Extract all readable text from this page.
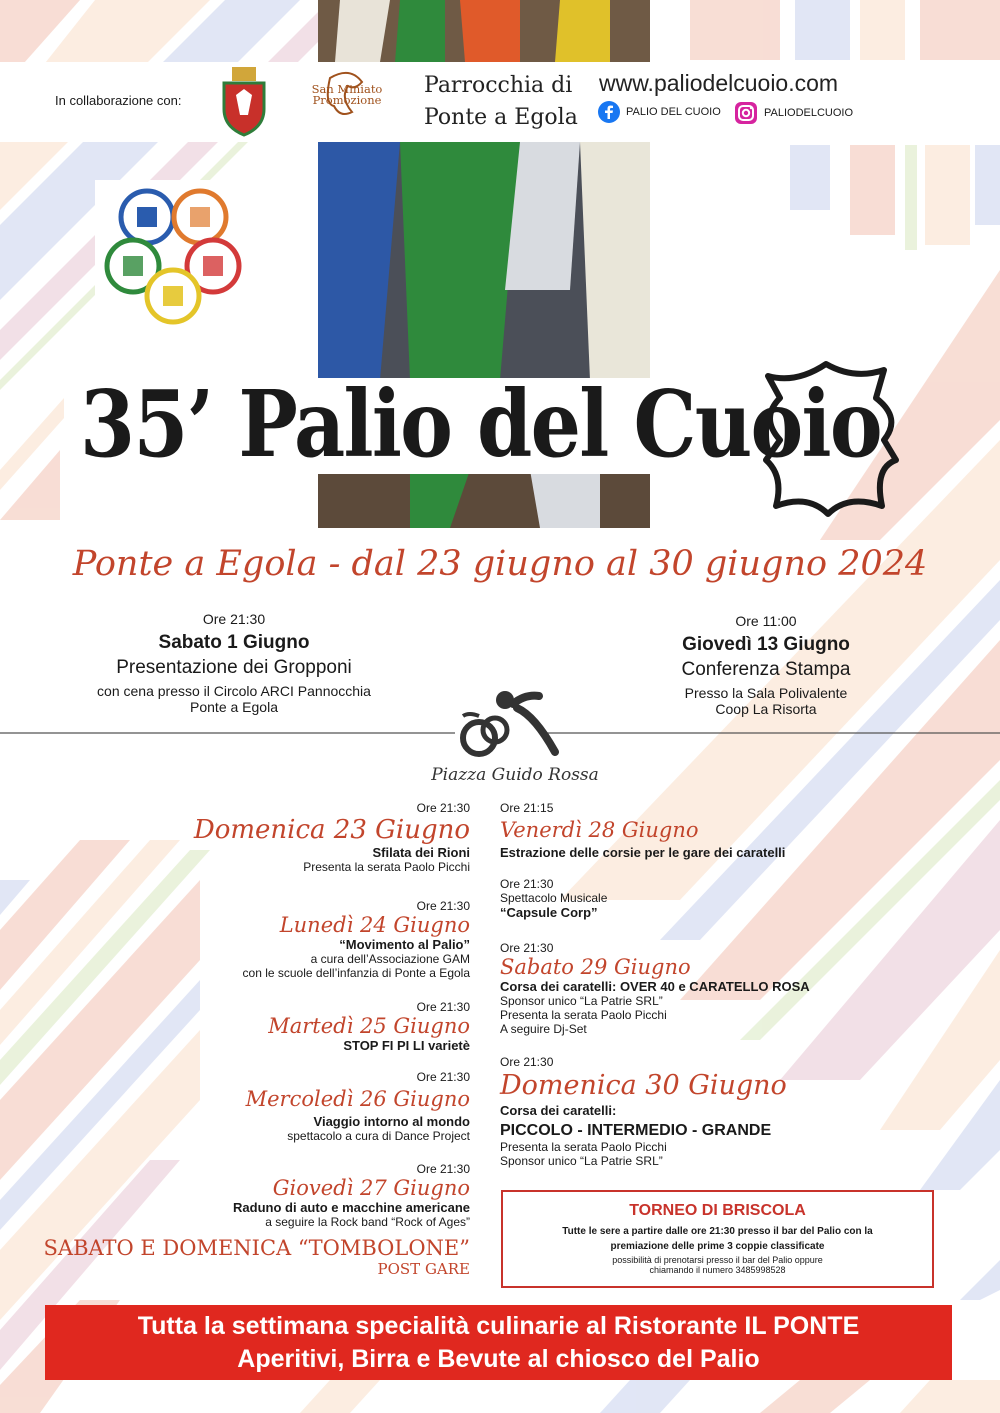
In collaborazione con:
San Miniato Promozione
Parrocchia di
Ponte a Egola
www.paliodelcuoio.com
PALIO DEL CUOIO	PALIODELCUOIO
35’ Palio del Cuoio
Ponte a Egola - dal 23 giugno al 30 giugno 2024
Ore 21:30
Sabato 1 Giugno
Presentazione dei Gropponi
con cena presso il Circolo ARCI Pannocchia
Ponte a Egola
Ore 11:00
Giovedì 13 Giugno
Conferenza Stampa
Presso la Sala Polivalente
Coop La Risorta
Piazza Guido Rossa
Ore 21:30
Domenica 23 Giugno
Sfilata dei Rioni
Presenta la serata Paolo Picchi
Ore 21:30
Lunedì 24 Giugno
“Movimento al Palio”
a cura dell’Associazione GAM
con le scuole dell’infanzia di Ponte a Egola
Ore 21:30
Martedì 25 Giugno
STOP FI PI LI varietè
Ore 21:30
Mercoledì 26 Giugno
Viaggio intorno al mondo
spettacolo a cura di Dance Project
Ore 21:30
Giovedì 27 Giugno
Raduno di auto e macchine americane
a seguire la Rock band “Rock of Ages”
Ore 21:15
Venerdì 28 Giugno
Estrazione delle corsie per le gare dei caratelli
Ore 21:30
Spettacolo Musicale
“Capsule Corp”
Ore 21:30
Sabato 29 Giugno
Corsa dei caratelli: OVER 40 e CARATELLO ROSA
Sponsor unico “La Patrie SRL”
Presenta la serata Paolo Picchi
A seguire Dj-Set
Ore 21:30
Domenica 30 Giugno
Corsa dei caratelli:
PICCOLO - INTERMEDIO - GRANDE
Presenta la serata Paolo Picchi
Sponsor unico “La Patrie SRL”
SABATO E DOMENICA “TOMBOLONE”
POST GARE
TORNEO DI BRISCOLA
Tutte le sere a partire dalle ore 21:30 presso il bar del Palio con la
premiazione delle prime 3 coppie classificate
possibilità di prenotarsi presso il bar del Palio oppure
chiamando il numero 3485998528
Tutta la settimana specialità culinarie al Ristorante IL PONTE
Aperitivi, Birra e Bevute al chiosco del Palio
